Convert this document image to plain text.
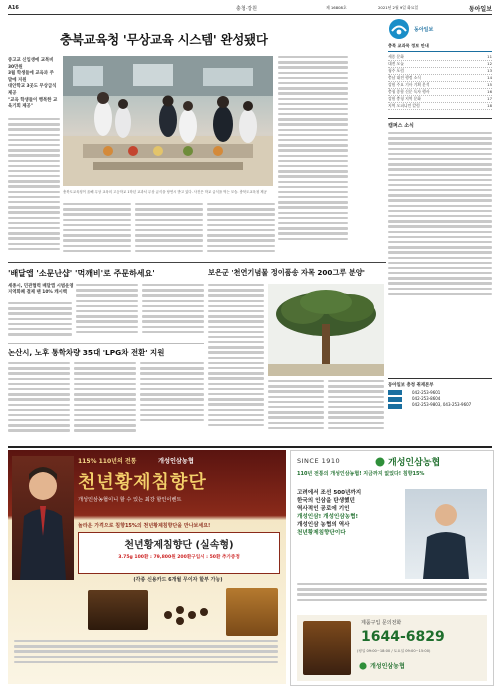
A16	충청·강원	제 16808호	2021년 2월 9일 화요일	동아일보
충북교육청 '무상교육 시스템' 완성됐다
중고교 신입생에 교복비 30만원
3월 학생들에 교육과 주말에 지원
대안학교 3곳도 무상급식 제공
"교육 학생들이 행복한 교육기회 제공"
충북도교육청이 올해 무상 교육의 고등학교 1학년 교과서 무상 급식을 당연시 받고 있다. 사진은 학교 급식을 먹는 모습. 충북도교육청 제공
동아일보
충북 교과목 정보 안내
세종 문화	11
대전 오늘	12
청주 포럼	13
충남 대전 행정 소식	14
강원 주요 기사 기획 분석	15
충청 종합 신문 독자 행사	16
강원 충청 지역 문화	17
지역 오피니언 칼럼	18
캠퍼스 소식
동아일보 충청 취재본부
042-253-9601
042-253-8604
042-253-9803, 043-253-9607
'배달앱 '소문난샵' '먹깨비'로 주문하세요'
세종시, 민관협력 배달앱 시범운영 지역화폐 결제 땐 10% 캐시백
논산시, 노후 통학차량 35대 'LPG차 전환' 지원
보은군 '천연기념물 정이품송 자목 200그루 분양'
115% 110년의 전통	개성인삼농협
천년황제침향단
개성인삼농협이니 할 수 있는 최강 할인이벤트
놀라운 가격으로 침향15%의 천년황제침향단을 만나보세요!
천년황제침향단 (실속형)
3.75g 100환 : 79,800원 200환구입시 : 50환 추가증정
(각종 신용카드 6개월 무이자 할부 가능)
SINCE 1910	개성인삼농협
110년 전통의 개성인삼농협! 지금까지 없었다! 침향15%
고려에서 조선 500년까지
한국의 인삼을 탄생했던
역사적인 공로에 기인
개성인삼! 개성인삼농협!
개성인삼 농협의 역사
천년황제침향단이다
제품구입 문의전화
1644-6829
(평일 09:00~18:00 / 토요일 09:00~15:00)
개성인삼농협
